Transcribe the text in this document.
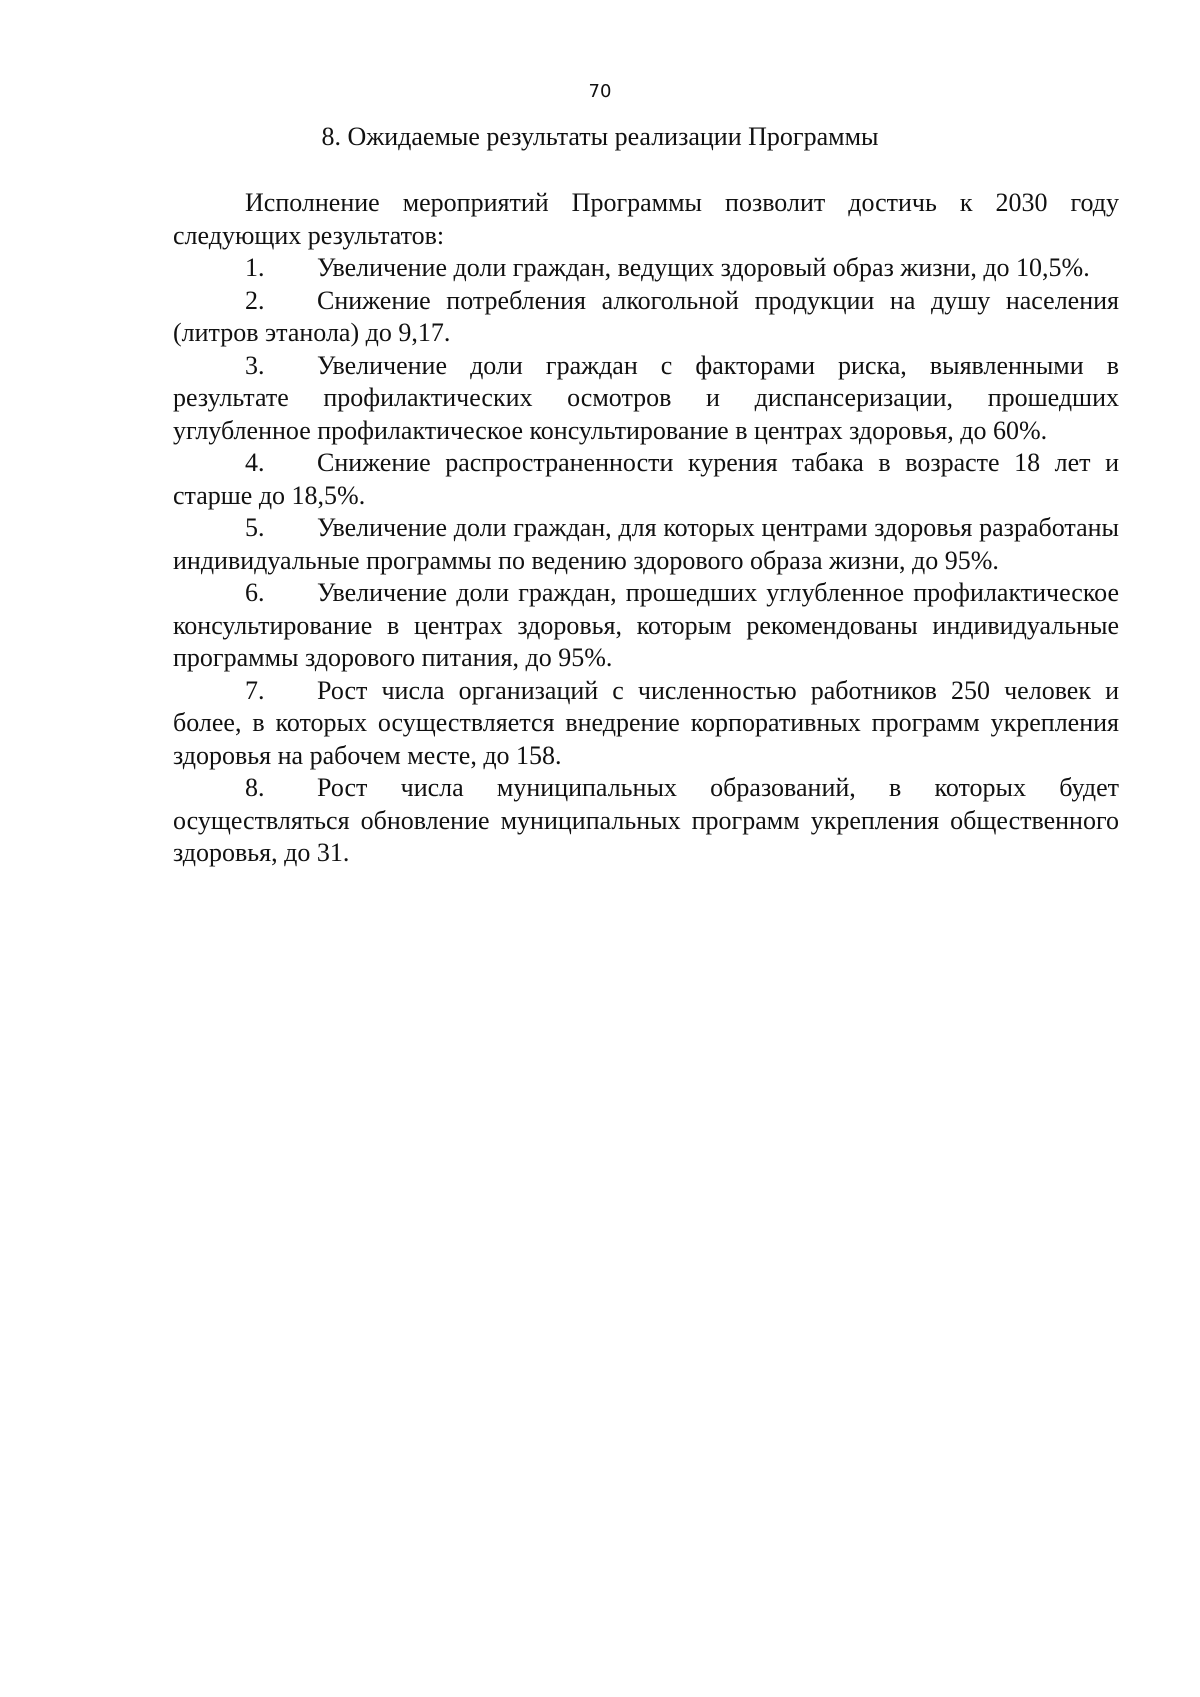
70
8. Ожидаемые результаты реализации Программы

Исполнение мероприятий Программы позволит достичь к 2030 году следующих результатов:

1. Увеличение доли граждан, ведущих здоровый образ жизни, до 10,5%.

2. Снижение потребления алкогольной продукции на душу населения (литров этанола) до 9,17.

3. Увеличение доли граждан с факторами риска, выявленными в результате профилактических осмотров и диспансеризации, прошедших углубленное профилактическое консультирование в центрах здоровья, до 60%.

4. Снижение распространенности курения табака в возрасте 18 лет и старше до 18,5%.

5. Увеличение доли граждан, для которых центрами здоровья разработаны индивидуальные программы по ведению здорового образа жизни, до 95%.

6. Увеличение доли граждан, прошедших углубленное профилактическое консультирование в центрах здоровья, которым рекомендованы индивидуальные программы здорового питания, до 95%.

7. Рост числа организаций с численностью работников 250 человек и более, в которых осуществляется внедрение корпоративных программ укрепления здоровья на рабочем месте, до 158.

8. Рост числа муниципальных образований, в которых будет осуществляться обновление муниципальных программ укрепления общественного здоровья, до 31.
